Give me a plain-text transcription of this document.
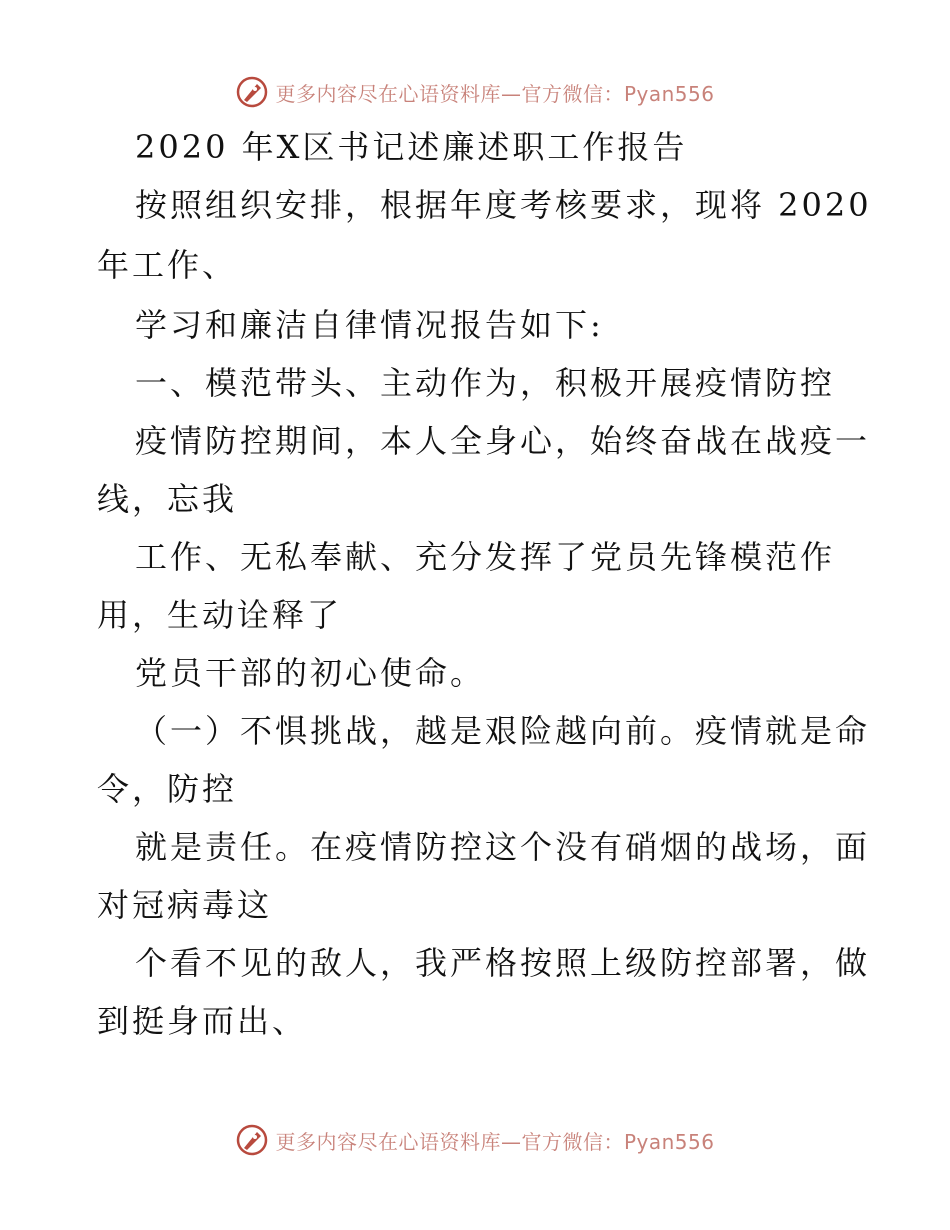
更多内容尽在心语资料库—官方微信：Pyan556
2020 年X区书记述廉述职工作报告
按照组织安排，根据年度考核要求，现将 2020
年工作、
学习和廉洁自律情况报告如下:
一、模范带头、主动作为，积极开展疫情防控
疫情防控期间，本人全身心，始终奋战在战疫一
线，忘我
工作、无私奉献、充分发挥了党员先锋模范作
用，生动诠释了
党员干部的初心使命。
（一）不惧挑战，越是艰险越向前。疫情就是命
令，防控
就是责任。在疫情防控这个没有硝烟的战场，面
对冠病毒这
个看不见的敌人，我严格按照上级防控部署，做
到挺身而出、
更多内容尽在心语资料库—官方微信：Pyan556
